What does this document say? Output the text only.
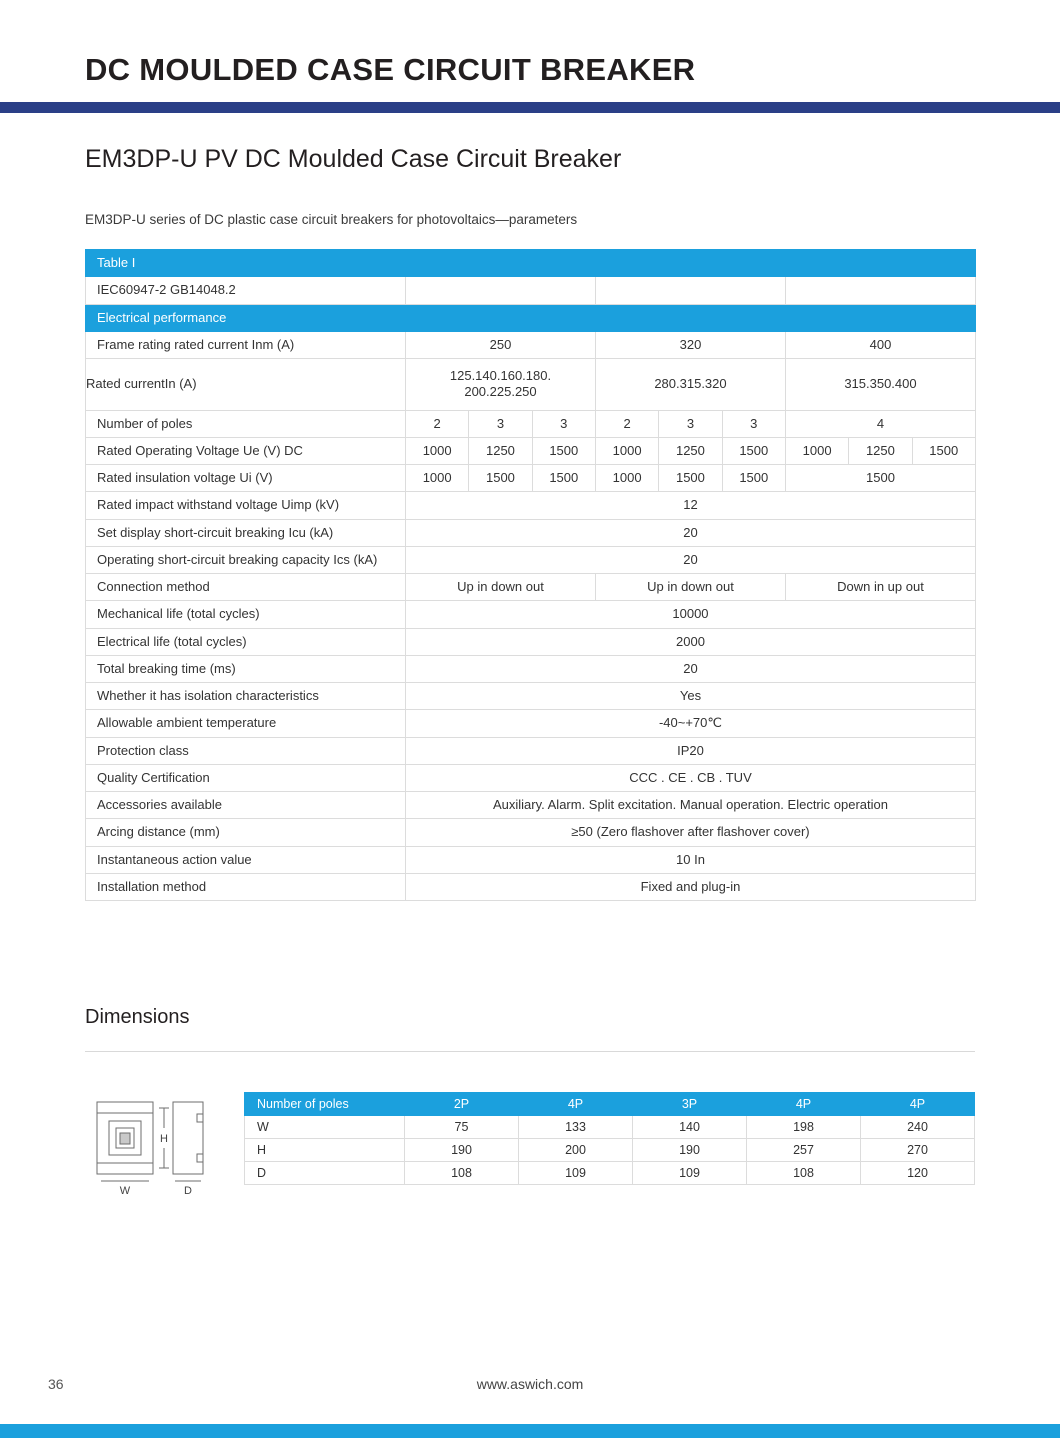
DC MOULDED CASE CIRCUIT BREAKER
EM3DP-U PV DC Moulded Case Circuit Breaker

EM3DP-U series of DC plastic case circuit breakers for photovoltaics—parameters

Table I									
IEC60947-2 GB14048.2									
Electrical performance									
Frame rating rated current Inm (A)	250			320			400		
Rated currentIn (A)	125.140.160.180.
200.225.250			280.315.320			315.350.400		
Number of poles	2	3	3	2	3	3	4		
Rated Operating Voltage Ue (V) DC	1000	1250	1500	1000	1250	1500	1000	1250	1500
Rated insulation voltage Ui (V)	1000	1500	1500	1000	1500	1500	1500		
Rated impact withstand voltage Uimp (kV)	12								
Set display short-circuit breaking Icu (kA)	20								
Operating short-circuit breaking capacity Ics (kA)	20								
Connection method	Up in down out			Up in down out			Down in up out		
Mechanical life (total cycles)	10000								
Electrical life (total cycles)	2000								
Total breaking time (ms)	20								
Whether it has isolation characteristics	Yes								
Allowable ambient temperature	-40~+70℃								
Protection class	IP20								
Quality Certification	CCC . CE . CB . TUV								
Accessories available	Auxiliary. Alarm. Split excitation. Manual operation. Electric operation								
Arcing distance (mm)	≥50 (Zero flashover after flashover cover)								
Instantaneous action value	10 In								
Installation method	Fixed and plug-in								
Dimensions
W
H
D
Number of poles	2P	4P	3P	4P	4P
W	75	133	140	198	240
H	190	200	190	257	270
D	108	109	109	108	120
36	www.aswich.com
